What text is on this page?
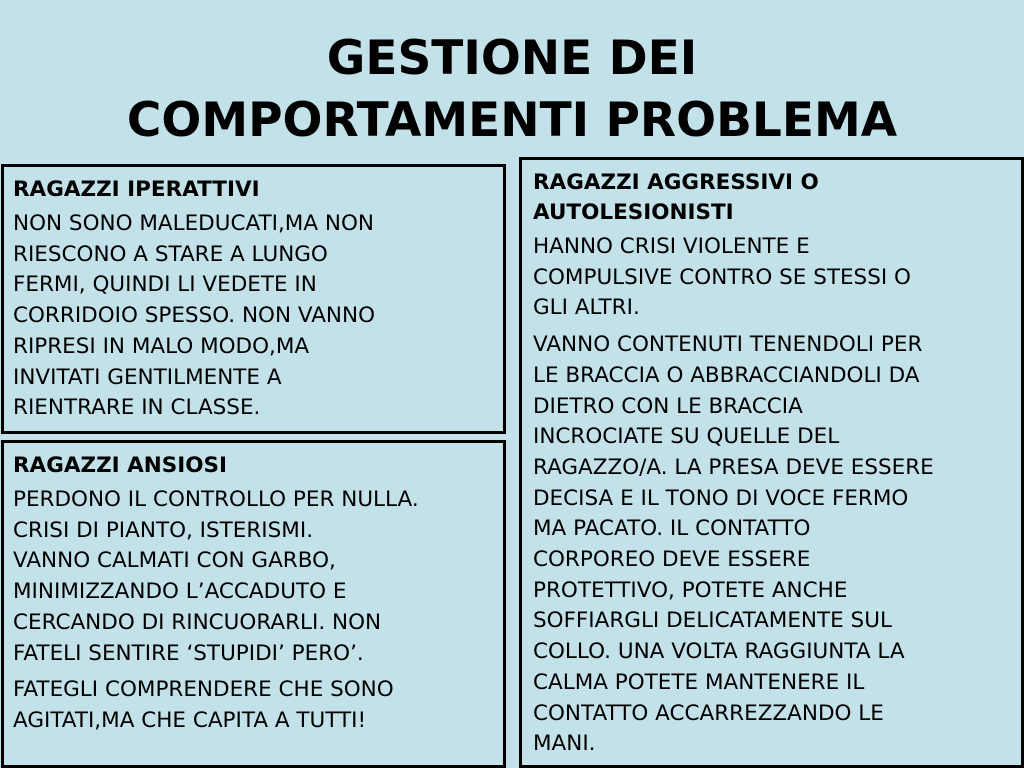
GESTIONE DEI
COMPORTAMENTI PROBLEMA
RAGAZZI IPERATTIVI
NON SONO MALEDUCATI,MA NON
RIESCONO A STARE A LUNGO
FERMI, QUINDI LI VEDETE IN
CORRIDOIO SPESSO. NON VANNO
RIPRESI IN MALO MODO,MA
INVITATI GENTILMENTE A
RIENTRARE IN CLASSE.
RAGAZZI ANSIOSI
PERDONO IL CONTROLLO PER NULLA.
CRISI DI PIANTO, ISTERISMI.
VANNO CALMATI CON GARBO,
MINIMIZZANDO L’ACCADUTO E
CERCANDO DI RINCUORARLI. NON
FATELI SENTIRE ‘STUPIDI’ PERO’.
FATEGLI COMPRENDERE CHE SONO
AGITATI,MA CHE CAPITA A TUTTI!
RAGAZZI AGGRESSIVI O
AUTOLESIONISTI
HANNO CRISI VIOLENTE E
COMPULSIVE CONTRO SE STESSI O
GLI ALTRI.
VANNO CONTENUTI TENENDOLI PER
LE BRACCIA O ABBRACCIANDOLI DA
DIETRO CON LE BRACCIA
INCROCIATE SU QUELLE DEL
RAGAZZO/A. LA PRESA DEVE ESSERE
DECISA E IL TONO DI VOCE FERMO
MA PACATO. IL CONTATTO
CORPOREO DEVE ESSERE
PROTETTIVO, POTETE ANCHE
SOFFIARGLI DELICATAMENTE SUL
COLLO. UNA VOLTA RAGGIUNTA LA
CALMA POTETE MANTENERE IL
CONTATTO ACCARREZZANDO LE
MANI.
